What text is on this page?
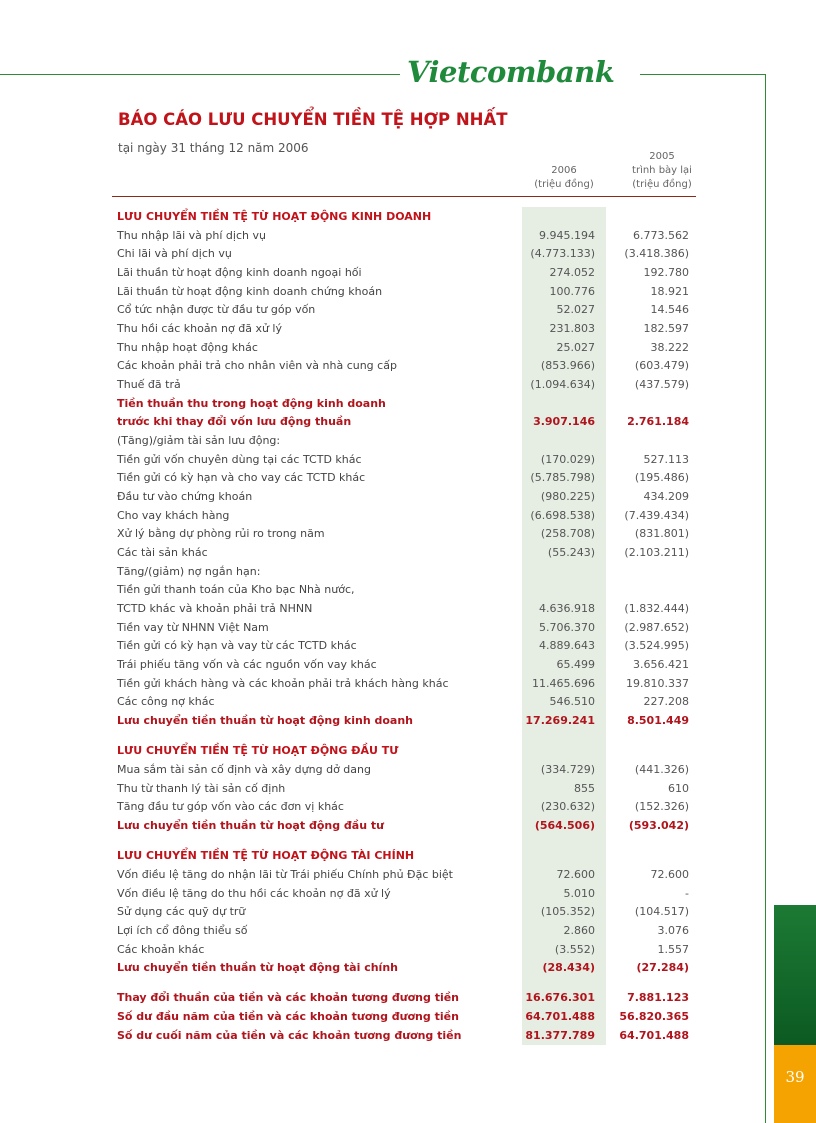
Vietcombank
BÁO CÁO LƯU CHUYỂN TIỀN TỆ HỢP NHẤT
tại ngày 31 tháng 12 năm 2006
2006
(triệu đồng)
2005
trình bày lại
(triệu đồng)
LƯU CHUYỂN TIỀN TỆ TỪ HOẠT ĐỘNG KINH DOANH
Thu nhập lãi và phí dịch vụ	9.945.194	6.773.562
Chi lãi và phí dịch vụ	(4.773.133)	(3.418.386)
Lãi thuần từ hoạt động kinh doanh ngoại hối	274.052	192.780
Lãi thuần từ hoạt động kinh doanh chứng khoán	100.776	18.921
Cổ tức nhận được từ đầu tư góp vốn	52.027	14.546
Thu hồi các khoản nợ đã xử lý	231.803	182.597
Thu nhập hoạt động khác	25.027	38.222
Các khoản phải trả cho nhân viên và nhà cung cấp	(853.966)	(603.479)
Thuế đã trả	(1.094.634)	(437.579)
Tiền thuần thu trong hoạt động kinh doanh
trước khi thay đổi vốn lưu động thuần	3.907.146	2.761.184
(Tăng)/giảm tài sản lưu động:
Tiền gửi vốn chuyên dùng tại các TCTD khác	(170.029)	527.113
Tiền gửi có kỳ hạn và cho vay các TCTD khác	(5.785.798)	(195.486)
Đầu tư vào chứng khoán	(980.225)	434.209
Cho vay khách hàng	(6.698.538)	(7.439.434)
Xử lý bằng dự phòng rủi ro trong năm	(258.708)	(831.801)
Các tài sản khác	(55.243)	(2.103.211)
Tăng/(giảm) nợ ngắn hạn:
Tiền gửi thanh toán của Kho bạc Nhà nước,
TCTD khác và khoản phải trả NHNN	4.636.918	(1.832.444)
Tiền vay từ NHNN Việt Nam	5.706.370	(2.987.652)
Tiền gửi có kỳ hạn và vay từ các TCTD khác	4.889.643	(3.524.995)
Trái phiếu tăng vốn và các nguồn vốn vay khác	65.499	3.656.421
Tiền gửi khách hàng và các khoản phải trả khách hàng khác	11.465.696	19.810.337
Các công nợ khác	546.510	227.208
Lưu chuyển tiền thuần từ hoạt động kinh doanh	17.269.241	8.501.449
LƯU CHUYỂN TIỀN TỆ TỪ HOẠT ĐỘNG ĐẦU TƯ
Mua sắm tài sản cố định và xây dựng dở dang	(334.729)	(441.326)
Thu từ thanh lý tài sản cố định	855	610
Tăng đầu tư góp vốn vào các đơn vị khác	(230.632)	(152.326)
Lưu chuyển tiền thuần từ hoạt động đầu tư	(564.506)	(593.042)
LƯU CHUYỂN TIỀN TỆ TỪ HOẠT ĐỘNG TÀI CHÍNH
Vốn điều lệ tăng do nhận lãi từ Trái phiếu Chính phủ Đặc biệt	72.600	72.600
Vốn điều lệ tăng do thu hồi các khoản nợ đã xử lý	5.010	-
Sử dụng các quỹ dự trữ	(105.352)	(104.517)
Lợi ích cổ đông thiểu số	2.860	3.076
Các khoản khác	(3.552)	1.557
Lưu chuyển tiền thuần từ hoạt động tài chính	(28.434)	(27.284)
Thay đổi thuần của tiền và các khoản tương đương tiền	16.676.301	7.881.123
Số dư đầu năm của tiền và các khoản tương đương tiền	64.701.488	56.820.365
Số dư cuối năm của tiền và các khoản tương đương tiền	81.377.789	64.701.488
39
